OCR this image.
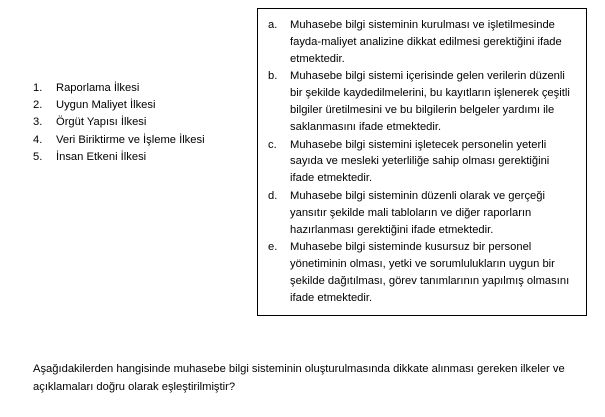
1.	Raporlama İlkesi
2.	Uygun Maliyet İlkesi
3.	Örgüt Yapısı İlkesi
4.	Veri Biriktirme ve İşleme İlkesi
5.	İnsan Etkeni İlkesi
a.	Muhasebe bilgi sisteminin kurulması ve işletilmesinde fayda-maliyet analizine dikkat edilmesi gerektiğini ifade etmektedir.
b.	Muhasebe bilgi sistemi içerisinde gelen verilerin düzenli bir şekilde kaydedilmelerini, bu kayıtların işlenerek çeşitli bilgiler üretilmesini ve bu bilgilerin belgeler yardımı ile saklanmasını ifade etmektedir.
c.	Muhasebe bilgi sistemini işletecek personelin yeterli sayıda ve mesleki yeterliliğe sahip olması gerektiğini ifade etmektedir.
d.	Muhasebe bilgi sisteminin düzenli olarak ve gerçeği yansıtır şekilde mali tabloların ve diğer raporların hazırlanması gerektiğini ifade etmektedir.
e.	Muhasebe bilgi sisteminde kusursuz bir personel yönetiminin olması, yetki ve sorumlulukların uygun bir şekilde dağıtılması, görev tanımlarının yapılmış olmasını ifade etmektedir.

Aşağıdakilerden hangisinde muhasebe bilgi sisteminin oluşturulmasında dikkate alınması gereken ilkeler ve açıklamaları doğru olarak eşleştirilmiştir?
